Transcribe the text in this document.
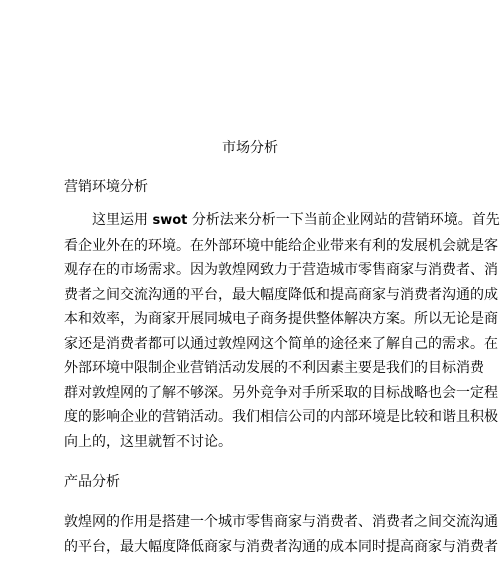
市场分析
营销环境分析
这里运用 swot 分析法来分析一下当前企业网站的营销环境。首先
看企业外在的环境。在外部环境中能给企业带来有利的发展机会就是客
观存在的市场需求。因为敦煌网致力于营造城市零售商家与消费者、消
费者之间交流沟通的平台，最大幅度降低和提高商家与消费者沟通的成
本和效率，为商家开展同城电子商务提供整体解决方案。所以无论是商
家还是消费者都可以通过敦煌网这个简单的途径来了解自己的需求。在
外部环境中限制企业营销活动发展的不利因素主要是我们的目标消费
群对敦煌网的了解不够深。另外竞争对手所采取的目标战略也会一定程
度的影响企业的营销活动。我们相信公司的内部环境是比较和谐且积极
向上的，这里就暂不讨论。
产品分析
敦煌网的作用是搭建一个城市零售商家与消费者、消费者之间交流沟通
的平台，最大幅度降低商家与消费者沟通的成本同时提高商家与消费者
